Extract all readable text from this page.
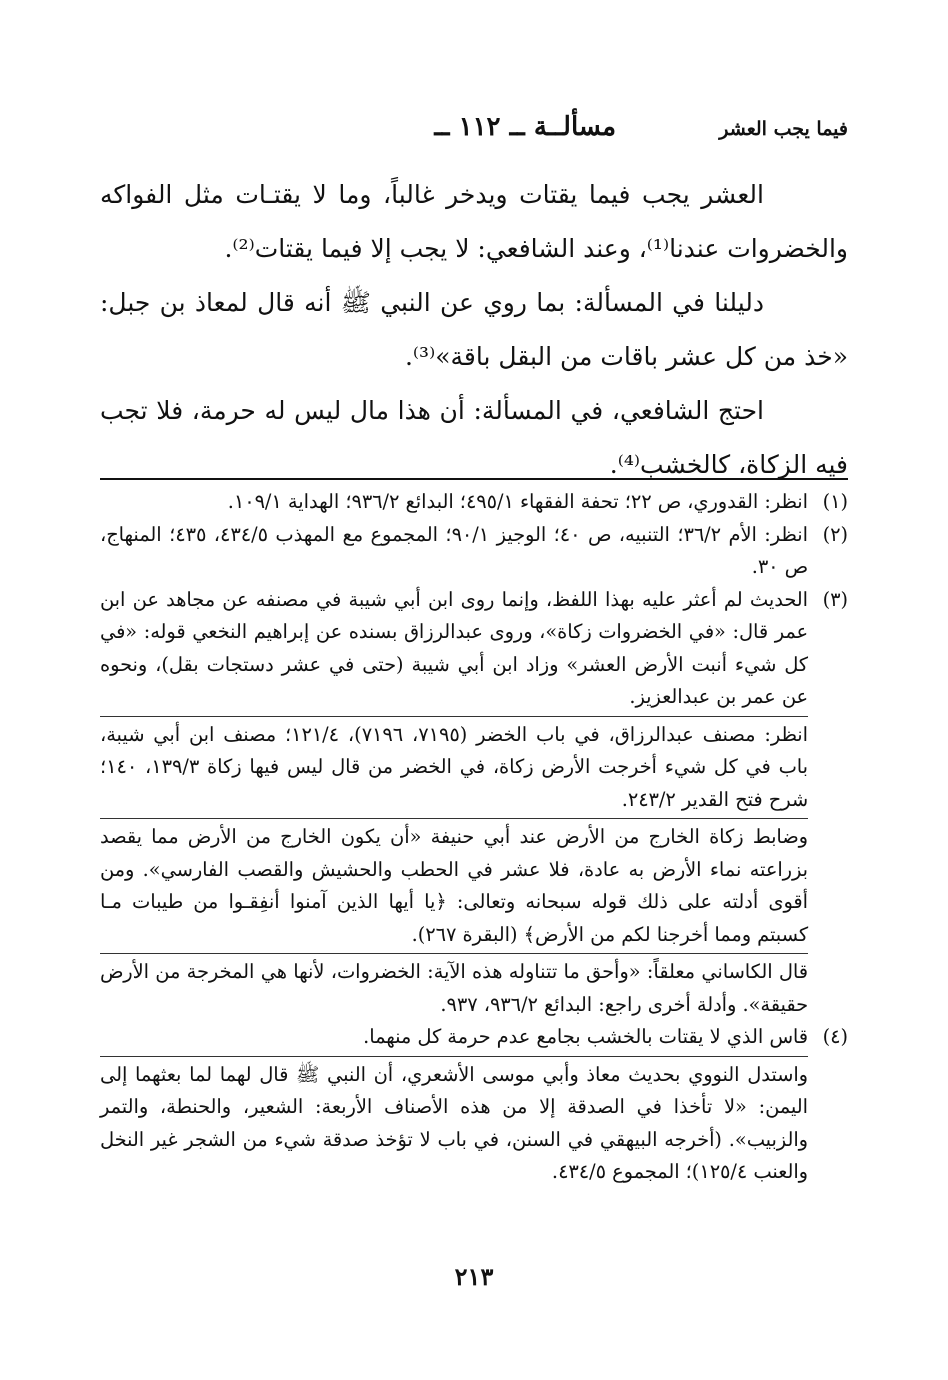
فيما يجب العشر
مسألــة ــ ١١٢ ــ

العشر يجب فيما يقتات ويدخر غالباً، وما لا يقتـات مثل الفواكه والخضروات عندنا⁽¹⁾، وعند الشافعي: لا يجب إلا فيما يقتات⁽²⁾.

دليلنا في المسألة: بما روي عن النبي ﷺ أنه قال لمعاذ بن جبل: «خذ من كل عشر باقات من البقل باقة»⁽³⁾.

احتج الشافعي، في المسألة: أن هذا مال ليس له حرمة، فلا تجب فيه الزكاة، كالخشب⁽⁴⁾.

(١)

انظر: القدوري، ص ٢٢؛ تحفة الفقهاء ٤٩٥/١؛ البدائع ٩٣٦/٢؛ الهداية ١٠٩/١.

(٢)

انظر: الأم ٣٦/٢؛ التنبيه، ص ٤٠؛ الوجيز ٩٠/١؛ المجموع مع المهذب ٤٣٤/٥، ٤٣٥؛ المنهاج، ص ٣٠.

(٣)

الحديث لم أعثر عليه بهذا اللفظ، وإنما روى ابن أبي شيبة في مصنفه عن مجاهد عن ابن عمر قال: «في الخضروات زكاة»، وروى عبدالرزاق بسنده عن إبراهيم النخعي قوله: «في كل شيء أنبت الأرض العشر» وزاد ابن أبي شيبة (حتى في عشر دستجات بقل)، ونحوه عن عمر بن عبدالعزيز.

انظر: مصنف عبدالرزاق، في باب الخضر (٧١٩٥، ٧١٩٦)، ١٢١/٤؛ مصنف ابن أبي شيبة، باب في كل شيء أخرجت الأرض زكاة، في الخضر من قال ليس فيها زكاة ١٣٩/٣، ١٤٠؛ شرح فتح القدير ٢٤٣/٢.

وضابط زكاة الخارج من الأرض عند أبي حنيفة «أن يكون الخارج من الأرض مما يقصد بزراعته نماء الأرض به عادة، فلا عشر في الحطب والحشيش والقصب الفارسي». ومن أقوى أدلته على ذلك قوله سبحانه وتعالى: ﴿يا أيها الذين آمنوا أنفِقـوا من طيبات مـا كسبتم ومما أخرجنا لكم من الأرض﴾ (البقرة ٢٦٧).

قال الكاساني معلقاً: «وأحق ما تتناوله هذه الآية: الخضروات، لأنها هي المخرجة من الأرض حقيقة». وأدلة أخرى راجع: البدائع ٩٣٦/٢، ٩٣٧.

(٤)

قاس الذي لا يقتات بالخشب بجامع عدم حرمة كل منهما.

واستدل النووي بحديث معاذ وأبي موسى الأشعري، أن النبي ﷺ قال لهما لما بعثهما إلى اليمن: «لا تأخذا في الصدقة إلا من هذه الأصناف الأربعة: الشعير، والحنطة، والتمر والزبيب». (أخرجه البيهقي في السنن، في باب لا تؤخذ صدقة شيء من الشجر غير النخل والعنب ١٢٥/٤)؛ المجموع ٤٣٤/٥.

٢١٣
